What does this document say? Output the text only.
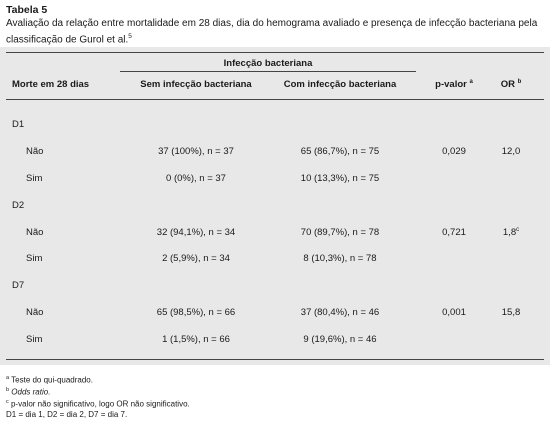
Tabela 5
Avaliação da relação entre mortalidade em 28 dias, dia do hemograma avaliado e presença de infecção bacteriana pela classificação de Gurol et al.$^5$
Infecção bacteriana
Morte em 28 dias	Sem infecção bacteriana	Com infecção bacteriana	p-valor $^a$	OR $^b$
D1
Não	37 (100%), n = 37	65 (86,7%), n = 75	0,029	12,0
Sim	0 (0%), n = 37	10 (13,3%), n = 75
D2
Não	32 (94,1%), n = 34	70 (89,7%), n = 78	0,721	1,8$^c$
Sim	2 (5,9%), n = 34	8 (10,3%), n = 78
D7
Não	65 (98,5%), n = 66	37 (80,4%), n = 46	0,001	15,8
Sim	1 (1,5%), n = 66	9 (19,6%), n = 46
$^a$ Teste do qui-quadrado.
$^b$ Odds ratio.
$^c$ p-valor não significativo, logo OR não significativo.
D1 = dia 1, D2 = dia 2, D7 = dia 7.
